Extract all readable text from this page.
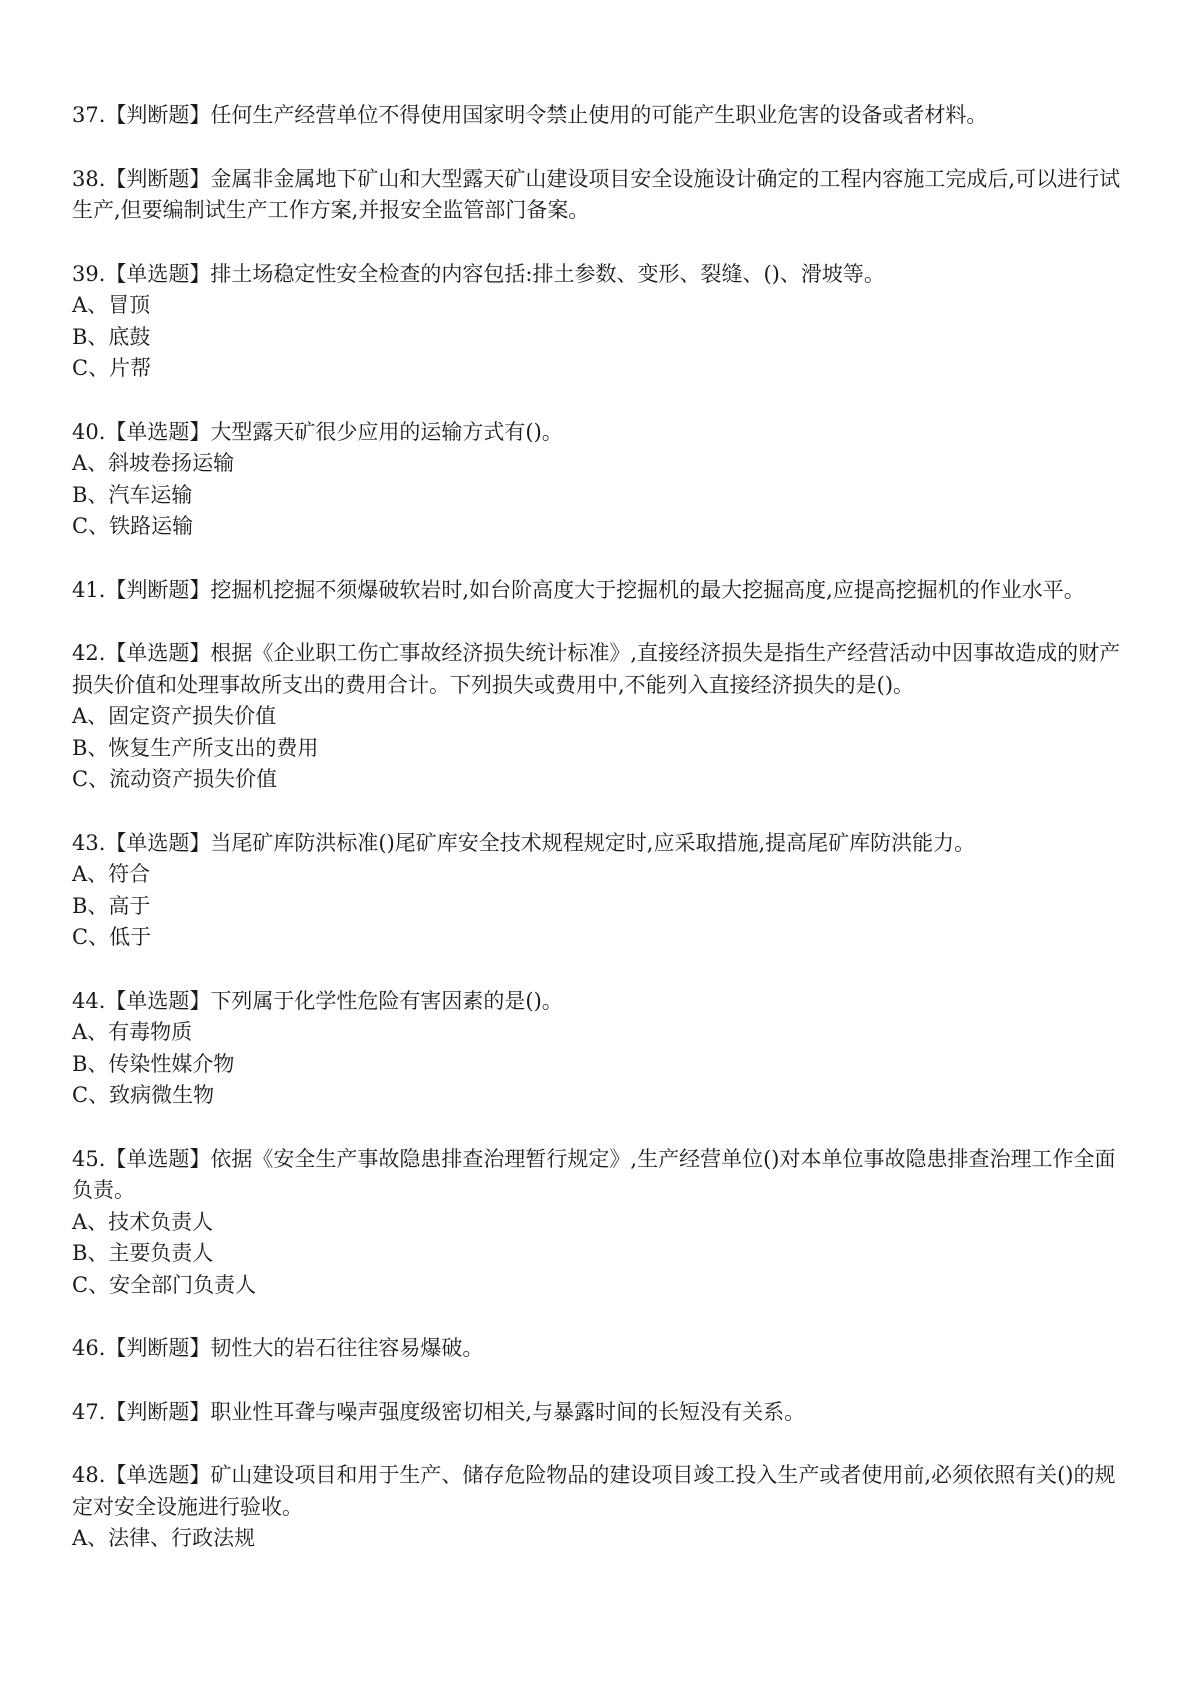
37.【判断题】任何生产经营单位不得使用国家明令禁止使用的可能产生职业危害的设备或者材料。

38.【判断题】金属非金属地下矿山和大型露天矿山建设项目安全设施设计确定的工程内容施工完成后,可以进行试生产,但要编制试生产工作方案,并报安全监管部门备案。

39.【单选题】排土场稳定性安全检查的内容包括:排土参数、变形、裂缝、()、滑坡等。

A、冒顶

B、底鼓

C、片帮

40.【单选题】大型露天矿很少应用的运输方式有()。

A、斜坡卷扬运输

B、汽车运输

C、铁路运输

41.【判断题】挖掘机挖掘不须爆破软岩时,如台阶高度大于挖掘机的最大挖掘高度,应提高挖掘机的作业水平。

42.【单选题】根据《企业职工伤亡事故经济损失统计标准》,直接经济损失是指生产经营活动中因事故造成的财产损失价值和处理事故所支出的费用合计。下列损失或费用中,不能列入直接经济损失的是()。

A、固定资产损失价值

B、恢复生产所支出的费用

C、流动资产损失价值

43.【单选题】当尾矿库防洪标准()尾矿库安全技术规程规定时,应采取措施,提高尾矿库防洪能力。

A、符合

B、高于

C、低于

44.【单选题】下列属于化学性危险有害因素的是()。

A、有毒物质

B、传染性媒介物

C、致病微生物

45.【单选题】依据《安全生产事故隐患排查治理暂行规定》,生产经营单位()对本单位事故隐患排查治理工作全面负责。

A、技术负责人

B、主要负责人

C、安全部门负责人

46.【判断题】韧性大的岩石往往容易爆破。

47.【判断题】职业性耳聋与噪声强度级密切相关,与暴露时间的长短没有关系。

48.【单选题】矿山建设项目和用于生产、储存危险物品的建设项目竣工投入生产或者使用前,必须依照有关()的规定对安全设施进行验收。

A、法律、行政法规
